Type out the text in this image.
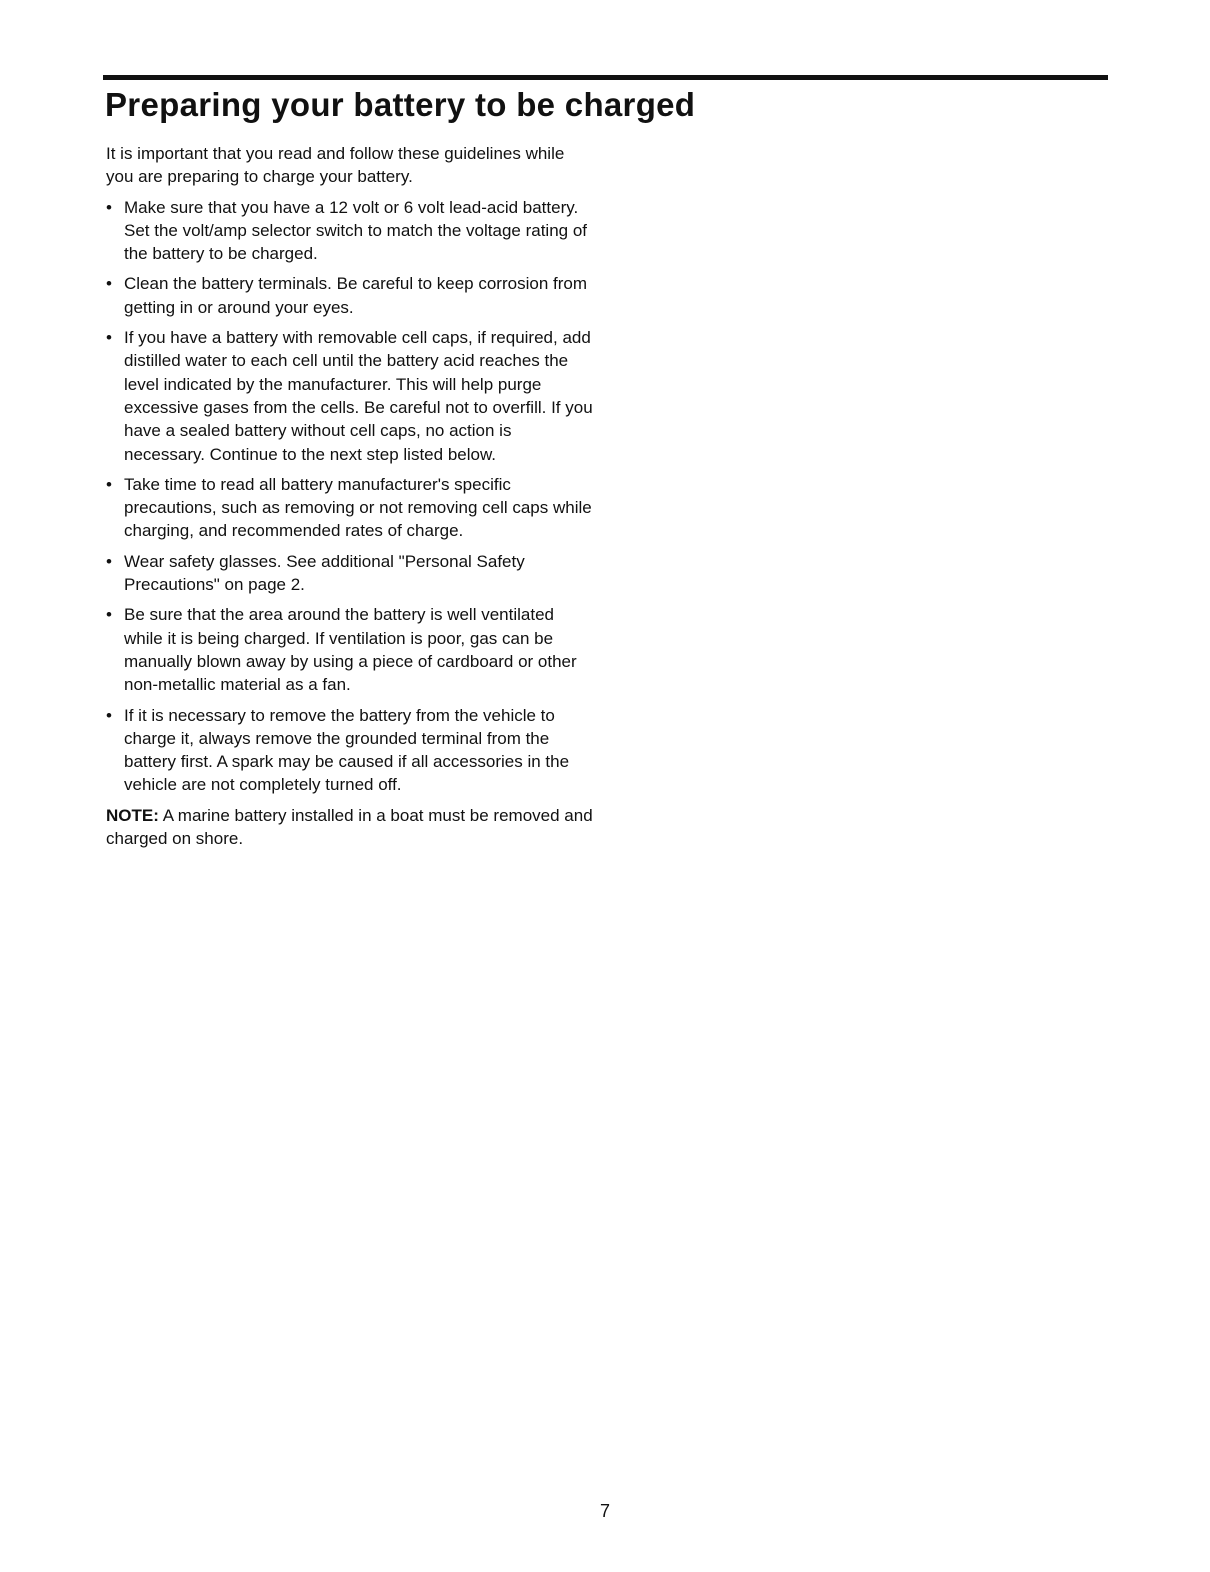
Preparing your battery to be charged

It is important that you read and follow these guidelines while you are preparing to charge your battery.

• Make sure that you have a 12 volt or 6 volt lead-acid battery. Set the volt/amp selector switch to match the voltage rating of the battery to be charged.
• Clean the battery terminals. Be careful to keep corrosion from getting in or around your eyes.
• If you have a battery with removable cell caps, if required, add distilled water to each cell until the battery acid reaches the level indicated by the manufacturer. This will help purge excessive gases from the cells. Be careful not to overfill. If you have a sealed battery without cell caps, no action is necessary. Continue to the next step listed below.
• Take time to read all battery manufacturer's specific precautions, such as removing or not removing cell caps while charging, and recommended rates of charge.
• Wear safety glasses. See additional "Personal Safety Precautions" on page 2.
• Be sure that the area around the battery is well ventilated while it is being charged. If ventilation is poor, gas can be manually blown away by using a piece of cardboard or other non-metallic material as a fan.
• If it is necessary to remove the battery from the vehicle to charge it, always remove the grounded terminal from the battery first. A spark may be caused if all accessories in the vehicle are not completely turned off.

NOTE: A marine battery installed in a boat must be removed and charged on shore.

7
